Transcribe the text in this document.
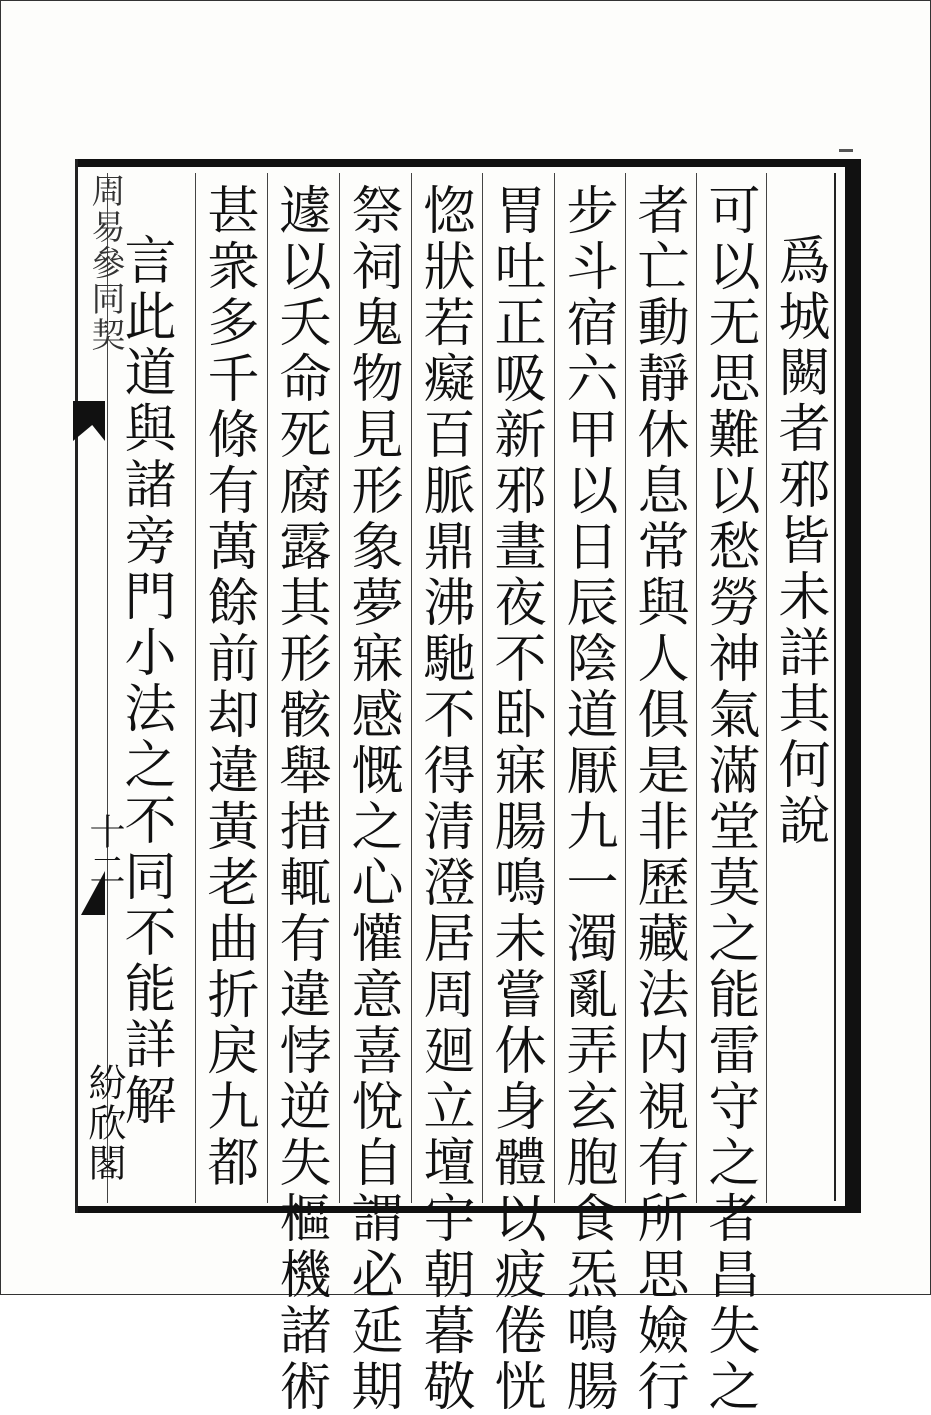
爲城闕者邪皆未詳其何說
可以无思難以愁勞神氣滿堂莫之能雷守之者昌失之
者亡動靜休息常與人俱是非歷藏法内視有所思嬐行
步斗宿六甲以日辰陰道厭九一濁亂弄玄胞食炁鳴腸
胃吐正吸新邪晝夜不卧寐腸鳴未嘗休身體以疲倦恍
惚狀若癡百脈鼎沸馳不得清澄居周廻立壇宇朝暮敬
祭祠鬼物見形象夢寐感慨之心懽意喜悅自謂必延期
遽以夭命死腐露其形骸舉措輒有違悖逆失樞機諸術
甚衆多千條有萬餘前却違黃老曲折戾九都
言此道與諸旁門小法之不同不能詳解
周易參同契
十二
紛欣閣
